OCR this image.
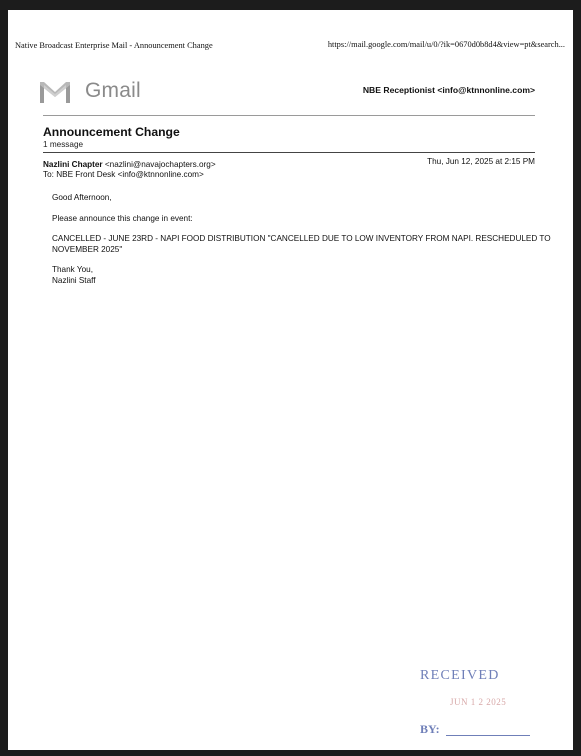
Native Broadcast Enterprise Mail - Announcement Change	https://mail.google.com/mail/u/0/?ik=0670d0b8d4&view=pt&search...
Gmail	NBE Receptionist <info@ktnnonline.com>
Announcement Change
1 message
Nazlini Chapter <nazlini@navajochapters.org>	Thu, Jun 12, 2025 at 2:15 PM
To: NBE Front Desk <info@ktnnonline.com>

Good Afternoon,

Please announce this change in event:

CANCELLED - JUNE 23RD - NAPI FOOD DISTRIBUTION "CANCELLED DUE TO LOW INVENTORY FROM NAPI. RESCHEDULED TO NOVEMBER 2025"

Thank You,
Nazlini Staff

RECEIVED
JUN 1 2 2025
BY:
